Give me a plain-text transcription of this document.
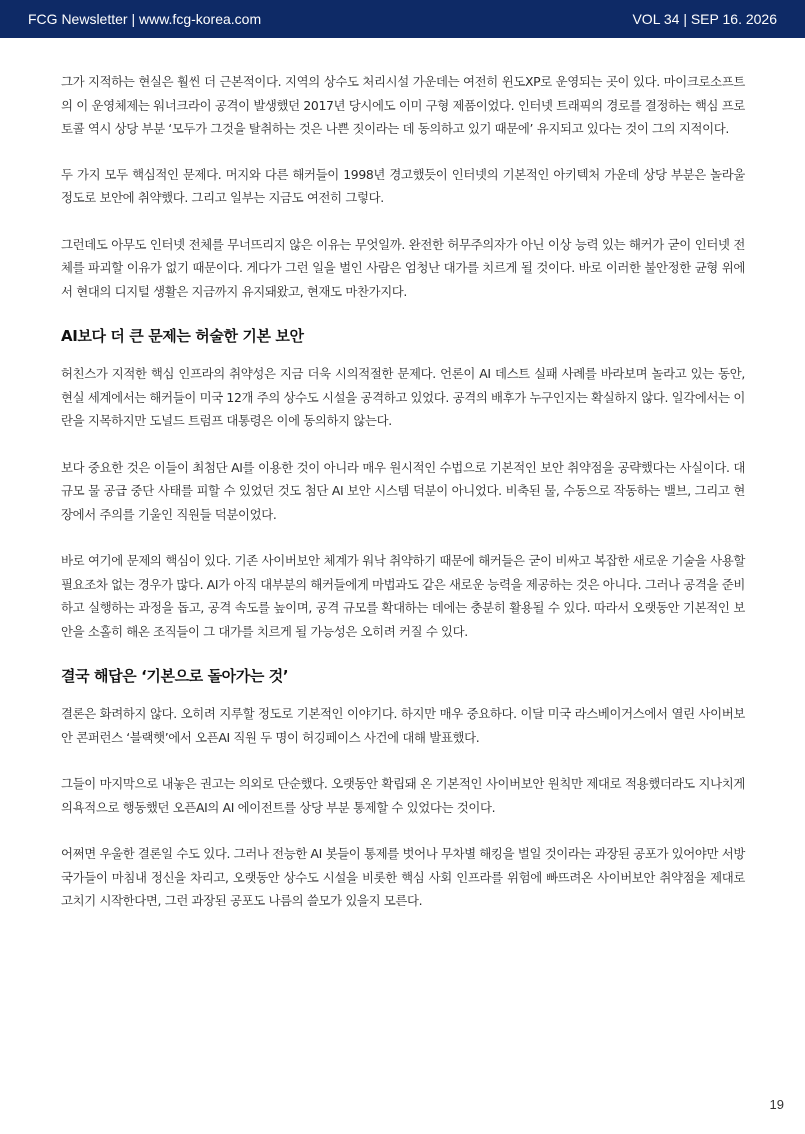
FCG Newsletter | www.fcg-korea.com	VOL 34 | SEP 16. 2026

그가 지적하는 현실은 훨씬 더 근본적이다. 지역의 상수도 처리시설 가운데는 여전히 윈도XP로 운영되는 곳이 있다. 마이크로소프트의 이 운영체제는 워너크라이 공격이 발생했던 2017년 당시에도 이미 구형 제품이었다. 인터넷 트래픽의 경로를 결정하는 핵심 프로토콜 역시 상당 부분 ‘모두가 그것을 탈취하는 것은 나쁜 짓이라는 데 동의하고 있기 때문에’ 유지되고 있다는 것이 그의 지적이다.

두 가지 모두 핵심적인 문제다. 머지와 다른 해커들이 1998년 경고했듯이 인터넷의 기본적인 아키텍처 가운데 상당 부분은 놀라울 정도로 보안에 취약했다. 그리고 일부는 지금도 여전히 그렇다.

그런데도 아무도 인터넷 전체를 무너뜨리지 않은 이유는 무엇일까. 완전한 허무주의자가 아닌 이상 능력 있는 해커가 굳이 인터넷 전체를 파괴할 이유가 없기 때문이다. 게다가 그런 일을 벌인 사람은 엄청난 대가를 치르게 될 것이다. 바로 이러한 불안정한 균형 위에서 현대의 디지털 생활은 지금까지 유지돼왔고, 현재도 마찬가지다.

AI보다 더 큰 문제는 허술한 기본 보안

허친스가 지적한 핵심 인프라의 취약성은 지금 더욱 시의적절한 문제다. 언론이 AI 데스트 실패 사례를 바라보며 놀라고 있는 동안, 현실 세계에서는 해커들이 미국 12개 주의 상수도 시설을 공격하고 있었다. 공격의 배후가 누구인지는 확실하지 않다. 일각에서는 이란을 지목하지만 도널드 트럼프 대통령은 이에 동의하지 않는다.

보다 중요한 것은 이들이 최첨단 AI를 이용한 것이 아니라 매우 원시적인 수법으로 기본적인 보안 취약점을 공략했다는 사실이다. 대규모 물 공급 중단 사태를 피할 수 있었던 것도 첨단 AI 보안 시스템 덕분이 아니었다. 비축된 물, 수동으로 작동하는 밸브, 그리고 현장에서 주의를 기울인 직원들 덕분이었다.

바로 여기에 문제의 핵심이 있다. 기존 사이버보안 체계가 워낙 취약하기 때문에 해커들은 굳이 비싸고 복잡한 새로운 기술을 사용할 필요조차 없는 경우가 많다. AI가 아직 대부분의 해커들에게 마법과도 같은 새로운 능력을 제공하는 것은 아니다. 그러나 공격을 준비하고 실행하는 과정을 돕고, 공격 속도를 높이며, 공격 규모를 확대하는 데에는 충분히 활용될 수 있다. 따라서 오랫동안 기본적인 보안을 소홀히 해온 조직들이 그 대가를 치르게 될 가능성은 오히려 커질 수 있다.

결국 해답은 ‘기본으로 돌아가는 것’

결론은 화려하지 않다. 오히려 지루할 정도로 기본적인 이야기다. 하지만 매우 중요하다. 이달 미국 라스베이거스에서 열린 사이버보안 콘퍼런스 ‘블랙햇’에서 오픈AI 직원 두 명이 허깅페이스 사건에 대해 발표했다.

그들이 마지막으로 내놓은 권고는 의외로 단순했다. 오랫동안 확립돼 온 기본적인 사이버보안 원칙만 제대로 적용했더라도 지나치게 의욕적으로 행동했던 오픈AI의 AI 에이전트를 상당 부분 통제할 수 있었다는 것이다.

어쩌면 우울한 결론일 수도 있다. 그러나 전능한 AI 봇들이 통제를 벗어나 무차별 해킹을 벌일 것이라는 과장된 공포가 있어야만 서방 국가들이 마침내 정신을 차리고, 오랫동안 상수도 시설을 비롯한 핵심 사회 인프라를 위험에 빠뜨려온 사이버보안 취약점을 제대로 고치기 시작한다면, 그런 과장된 공포도 나름의 쓸모가 있을지 모른다.

19
